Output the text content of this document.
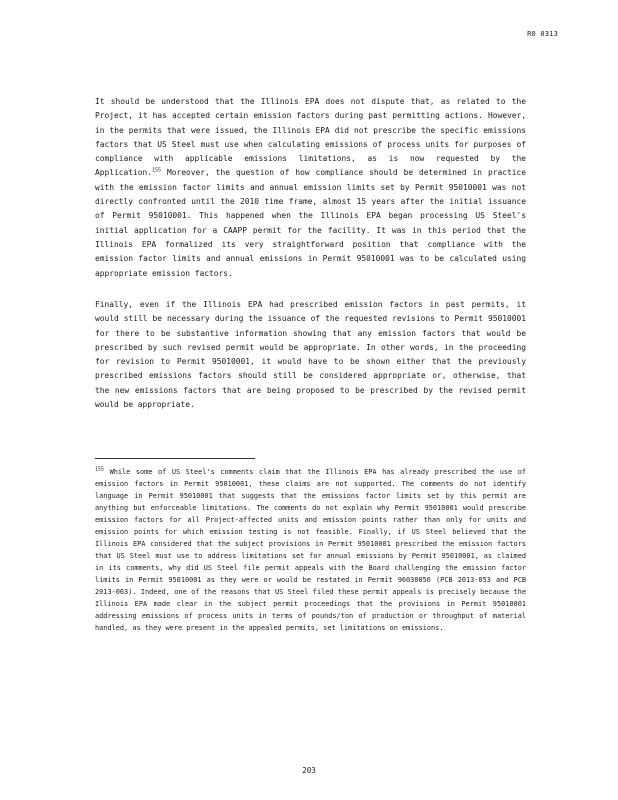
R0 0313

It should be understood that the Illinois EPA does not dispute that, as related to the Project, it has accepted certain emission factors during past permitting actions. However, in the permits that were issued, the Illinois EPA did not prescribe the specific emissions factors that US Steel must use when calculating emissions of process units for purposes of compliance with applicable emissions limitations, as is now requested by the Application.$^{155}$ Moreover, the question of how compliance should be determined in practice with the emission factor limits and annual emission limits set by Permit 95010001 was not directly confronted until the 2010 time frame, almost 15 years after the initial issuance of Permit 95010001. This happened when the Illinois EPA began processing US Steel's initial application for a CAAPP permit for the facility. It was in this period that the Illinois EPA formalized its very straightforward position that compliance with the emission factor limits and annual emissions in Permit 95010001 was to be calculated using appropriate emission factors.

Finally, even if the Illinois EPA had prescribed emission factors in past permits, it would still be necessary during the issuance of the requested revisions to Permit 95010001 for there to be substantive information showing that any emission factors that would be prescribed by such revised permit would be appropriate. In other words, in the proceeding for revision to Permit 95010001, it would have to be shown either that the previously prescribed emissions factors should still be considered appropriate or, otherwise, that the new emissions factors that are being proposed to be prescribed by the revised permit would be appropriate.

$^{155}$ While some of US Steel's comments claim that the Illinois EPA has already prescribed the use of emission factors in Permit 95010001, these claims are not supported. The comments do not identify language in Permit 95010001 that suggests that the emissions factor limits set by this permit are anything but enforceable limitations. The comments do not explain why Permit 95010001 would prescribe emission factors for all Project-affected units and emission points rather than only for units and emission points for which emission testing is not feasible. Finally, if US Steel believed that the Illinois EPA considered that the subject provisions in Permit 95010001 prescribed the emission factors that US Steel must use to address limitations set for annual emissions by Permit 95010001, as claimed in its comments, why did US Steel file permit appeals with the Board challenging the emission factor limits in Permit 95010001 as they were or would be restated in Permit 96030056 (PCB 2013-053 and PCB 2013-063). Indeed, one of the reasons that US Steel filed these permit appeals is precisely because the Illinois EPA made clear in the subject permit proceedings that the provisions in Permit 95010001 addressing emissions of process units in terms of pounds/ton of production or throughput of material handled, as they were present in the appealed permits, set limitations on emissions.

203
